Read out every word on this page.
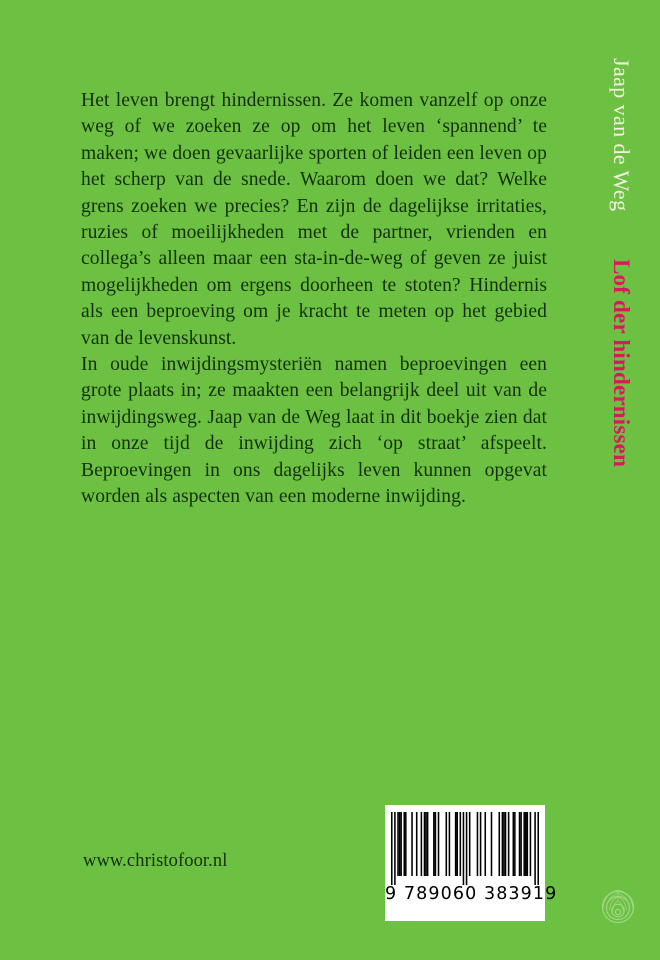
Het leven brengt hindernissen. Ze komen vanzelf op onze weg of we zoeken ze op om het leven ‘spannend’ te maken; we doen gevaarlijke sporten of leiden een leven op het scherp van de snede. Waarom doen we dat? Welke grens zoeken we precies? En zijn de dagelijkse irritaties, ruzies of moeilijkheden met de partner, vrienden en collega’s alleen maar een sta-in-de-weg of geven ze juist mogelijkheden om ergens doorheen te stoten? Hindernis als een beproeving om je kracht te meten op het gebied van de levenskunst.

In oude inwijdingsmysteriën namen beproevingen een grote plaats in; ze maakten een belangrijk deel uit van de inwijdingsweg. Jaap van de Weg laat in dit boekje zien dat in onze tijd de inwijding zich ‘op straat’ afspeelt. Beproevingen in ons dagelijks leven kunnen opgevat worden als aspecten van een moderne inwijding.

www.christofoor.nl
Jaap van de Weg
Lof der hindernissen
9 789060 383919
